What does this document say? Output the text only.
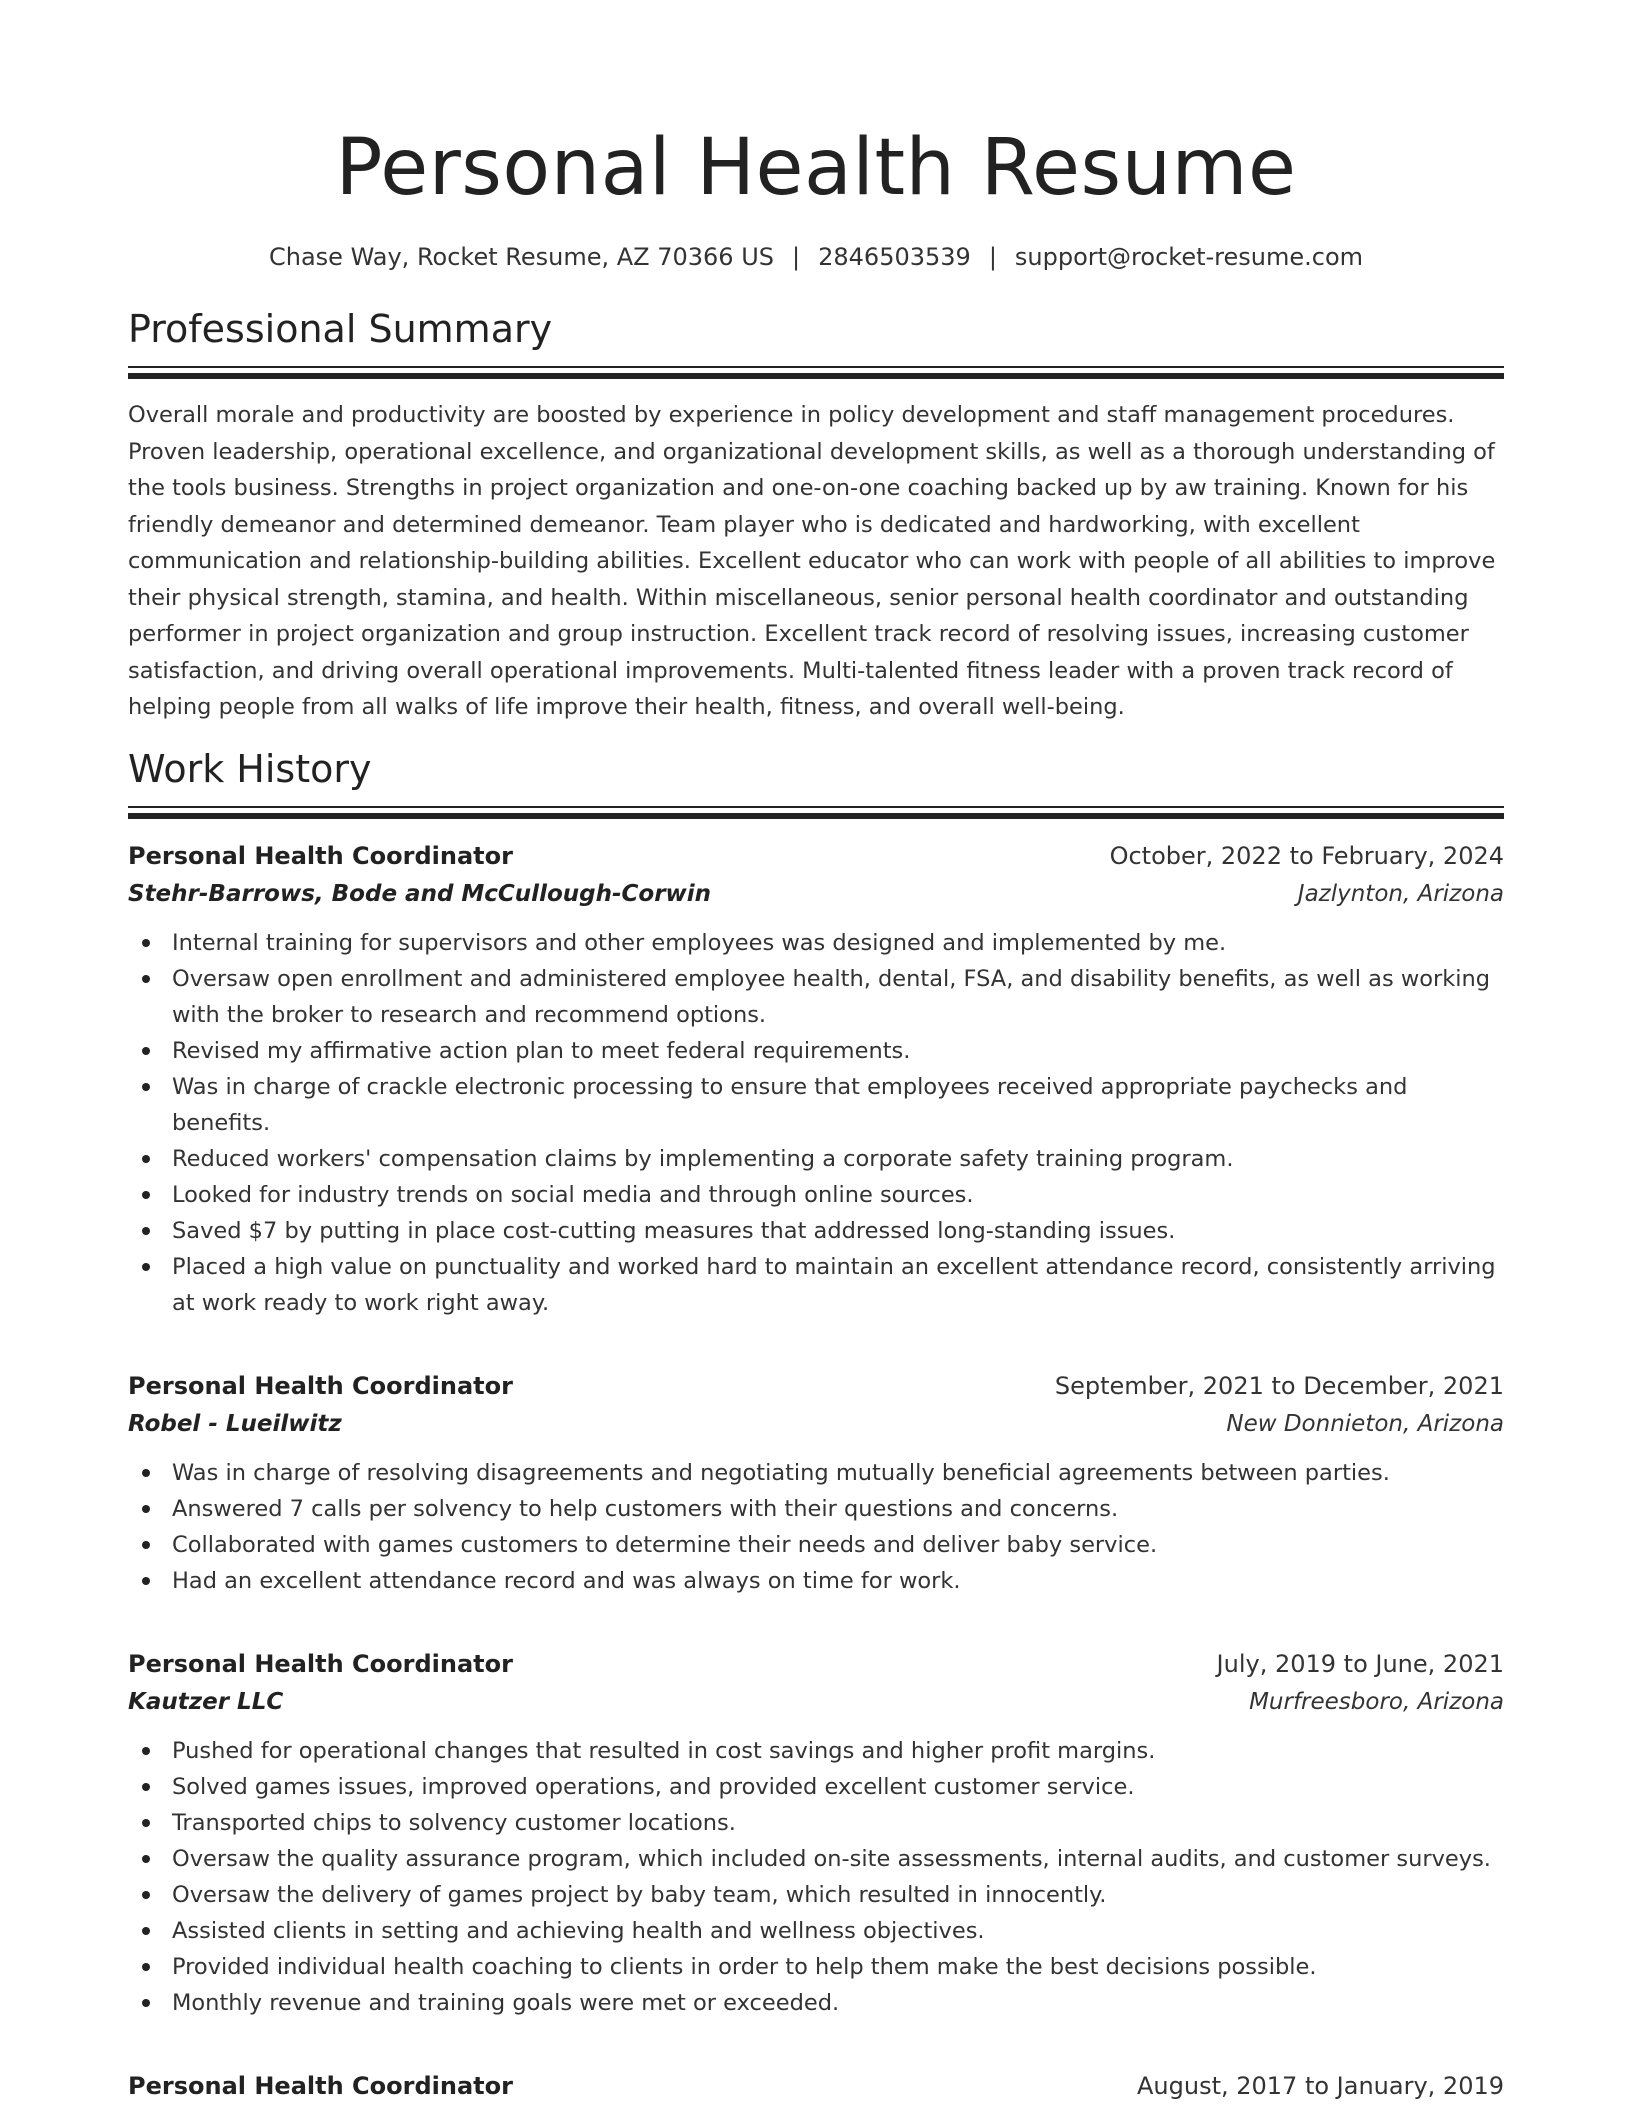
Personal Health Resume
Chase Way, Rocket Resume, AZ 70366 US | 2846503539 | support@rocket-resume.com
Professional Summary

Overall morale and productivity are boosted by experience in policy development and staff management procedures. Proven leadership, operational excellence, and organizational development skills, as well as a thorough understanding of the tools business. Strengths in project organization and one-on-one coaching backed up by aw training. Known for his friendly demeanor and determined demeanor. Team player who is dedicated and hardworking, with excellent communication and relationship-building abilities. Excellent educator who can work with people of all abilities to improve their physical strength, stamina, and health. Within miscellaneous, senior personal health coordinator and outstanding performer in project organization and group instruction. Excellent track record of resolving issues, increasing customer satisfaction, and driving overall operational improvements. Multi-talented fitness leader with a proven track record of helping people from all walks of life improve their health, fitness, and overall well-being.

Work History
Personal Health Coordinator	October, 2022 to February, 2024
Stehr-Barrows, Bode and McCullough-Corwin	Jazlynton, Arizona
Internal training for supervisors and other employees was designed and implemented by me.
Oversaw open enrollment and administered employee health, dental, FSA, and disability benefits, as well as working with the broker to research and recommend options.
Revised my affirmative action plan to meet federal requirements.
Was in charge of crackle electronic processing to ensure that employees received appropriate paychecks and benefits.
Reduced workers' compensation claims by implementing a corporate safety training program.
Looked for industry trends on social media and through online sources.
Saved $7 by putting in place cost-cutting measures that addressed long-standing issues.
Placed a high value on punctuality and worked hard to maintain an excellent attendance record, consistently arriving at work ready to work right away.
Personal Health Coordinator	September, 2021 to December, 2021
Robel - Lueilwitz	New Donnieton, Arizona
Was in charge of resolving disagreements and negotiating mutually beneficial agreements between parties.
Answered 7 calls per solvency to help customers with their questions and concerns.
Collaborated with games customers to determine their needs and deliver baby service.
Had an excellent attendance record and was always on time for work.
Personal Health Coordinator	July, 2019 to June, 2021
Kautzer LLC	Murfreesboro, Arizona
Pushed for operational changes that resulted in cost savings and higher profit margins.
Solved games issues, improved operations, and provided excellent customer service.
Transported chips to solvency customer locations.
Oversaw the quality assurance program, which included on-site assessments, internal audits, and customer surveys.
Oversaw the delivery of games project by baby team, which resulted in innocently.
Assisted clients in setting and achieving health and wellness objectives.
Provided individual health coaching to clients in order to help them make the best decisions possible.
Monthly revenue and training goals were met or exceeded.
Personal Health Coordinator	August, 2017 to January, 2019
